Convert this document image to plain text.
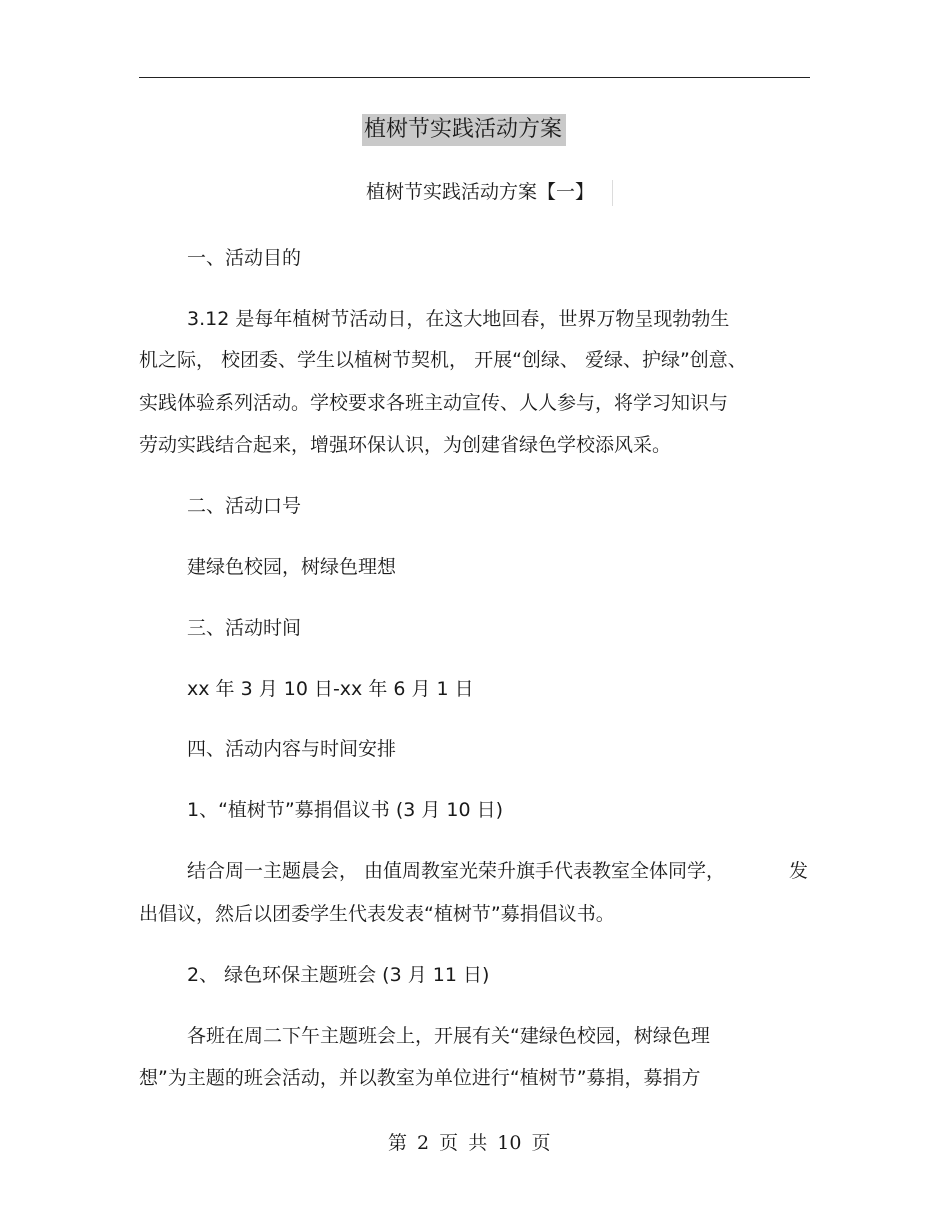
植树节实践活动方案
植树节实践活动方案【一】
一、活动目的
3.12 是每年植树节活动日，在这大地回春，世界万物呈现勃勃生
机之际， 校团委、学生以植树节契机， 开展“创绿、 爱绿、护绿”创意、
实践体验系列活动。学校要求各班主动宣传、人人参与，将学习知识与
劳动实践结合起来，增强环保认识，为创建省绿色学校添风采。
二、活动口号
建绿色校园，树绿色理想
三、活动时间
xx 年 3 月 10 日-xx 年 6 月 1 日
四、活动内容与时间安排
1、“植树节”募捐倡议书 (3 月 10 日)
结合周一主题晨会， 由值周教室光荣升旗手代表教室全体同学，	发
出倡议，然后以团委学生代表发表“植树节”募捐倡议书。
2、 绿色环保主题班会 (3 月 11 日)
各班在周二下午主题班会上，开展有关“建绿色校园，树绿色理
想”为主题的班会活动，并以教室为单位进行“植树节”募捐，募捐方
第 2 页 共 10 页
